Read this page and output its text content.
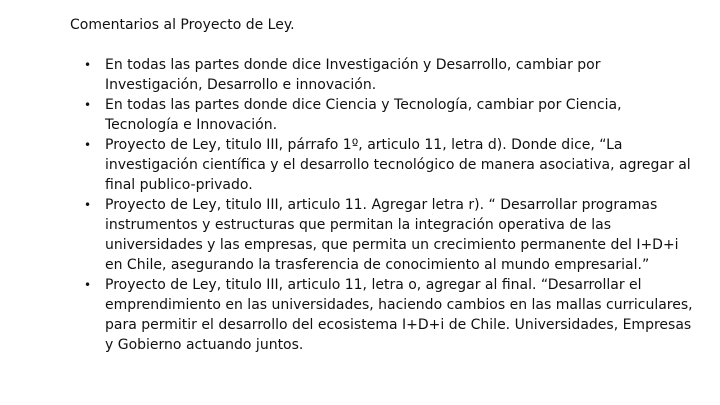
Comentarios al Proyecto de Ley.
• En todas las partes donde dice Investigación y Desarrollo, cambiar por Investigación, Desarrollo e innovación.
• En todas las partes donde dice Ciencia y Tecnología, cambiar por Ciencia, Tecnología e Innovación.
• Proyecto de Ley, titulo III, párrafo 1º, articulo 11, letra d). Donde dice, “La investigación científica y el desarrollo tecnológico de manera asociativa, agregar al final publico-privado.
• Proyecto de Ley, titulo III, articulo 11. Agregar letra r). “ Desarrollar programas instrumentos y estructuras que permitan la integración operativa de las universidades y las empresas, que permita un crecimiento permanente del I+D+i en Chile, asegurando la trasferencia de conocimiento al mundo empresarial.”
• Proyecto de Ley, titulo III, articulo 11, letra o, agregar al final. “Desarrollar el emprendimiento en las universidades, haciendo cambios en las mallas curriculares, para permitir el desarrollo del ecosistema I+D+i de Chile. Universidades, Empresas y Gobierno actuando juntos.
